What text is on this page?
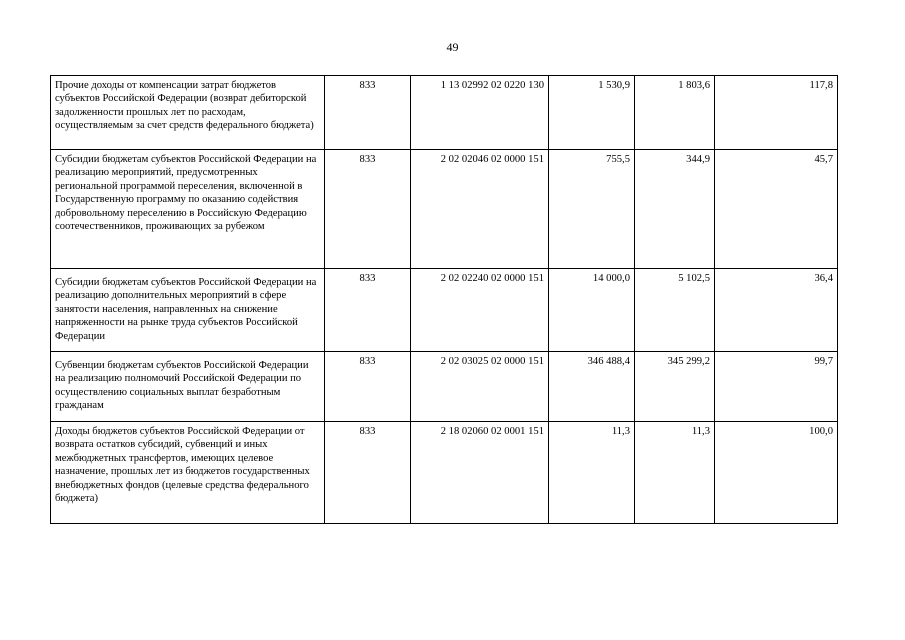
49
Прочие доходы от компенсации затрат бюджетов субъектов Российской Федерации (возврат дебиторской задолженности прошлых лет по расходам, осуществляемым за счет средств федерального бюджета)	833	1 13 02992 02 0220 130	1 530,9	1 803,6	117,8
Субсидии бюджетам субъектов Российской Федерации на реализацию мероприятий, предусмотренных региональной программой переселения, включенной в Государственную программу по оказанию содействия добровольному переселению в Российскую Федерацию соотечественников, проживающих за рубежом	833	2 02 02046 02 0000 151	755,5	344,9	45,7
Субсидии бюджетам субъектов Российской Федерации на реализацию дополнительных мероприятий в сфере занятости населения, направленных на снижение напряженности на рынке труда субъектов Российской Федерации	833	2 02 02240 02 0000 151	14 000,0	5 102,5	36,4
Субвенции бюджетам субъектов Российской Федерации на реализацию полномочий Российской Федерации по осуществлению социальных выплат безработным гражданам	833	2 02 03025 02 0000 151	346 488,4	345 299,2	99,7
Доходы бюджетов субъектов Российской Федерации от возврата остатков субсидий, субвенций и иных межбюджетных трансфертов, имеющих целевое назначение, прошлых лет из бюджетов государственных внебюджетных фондов (целевые средства федерального бюджета)	833	2 18 02060 02 0001 151	11,3	11,3	100,0
